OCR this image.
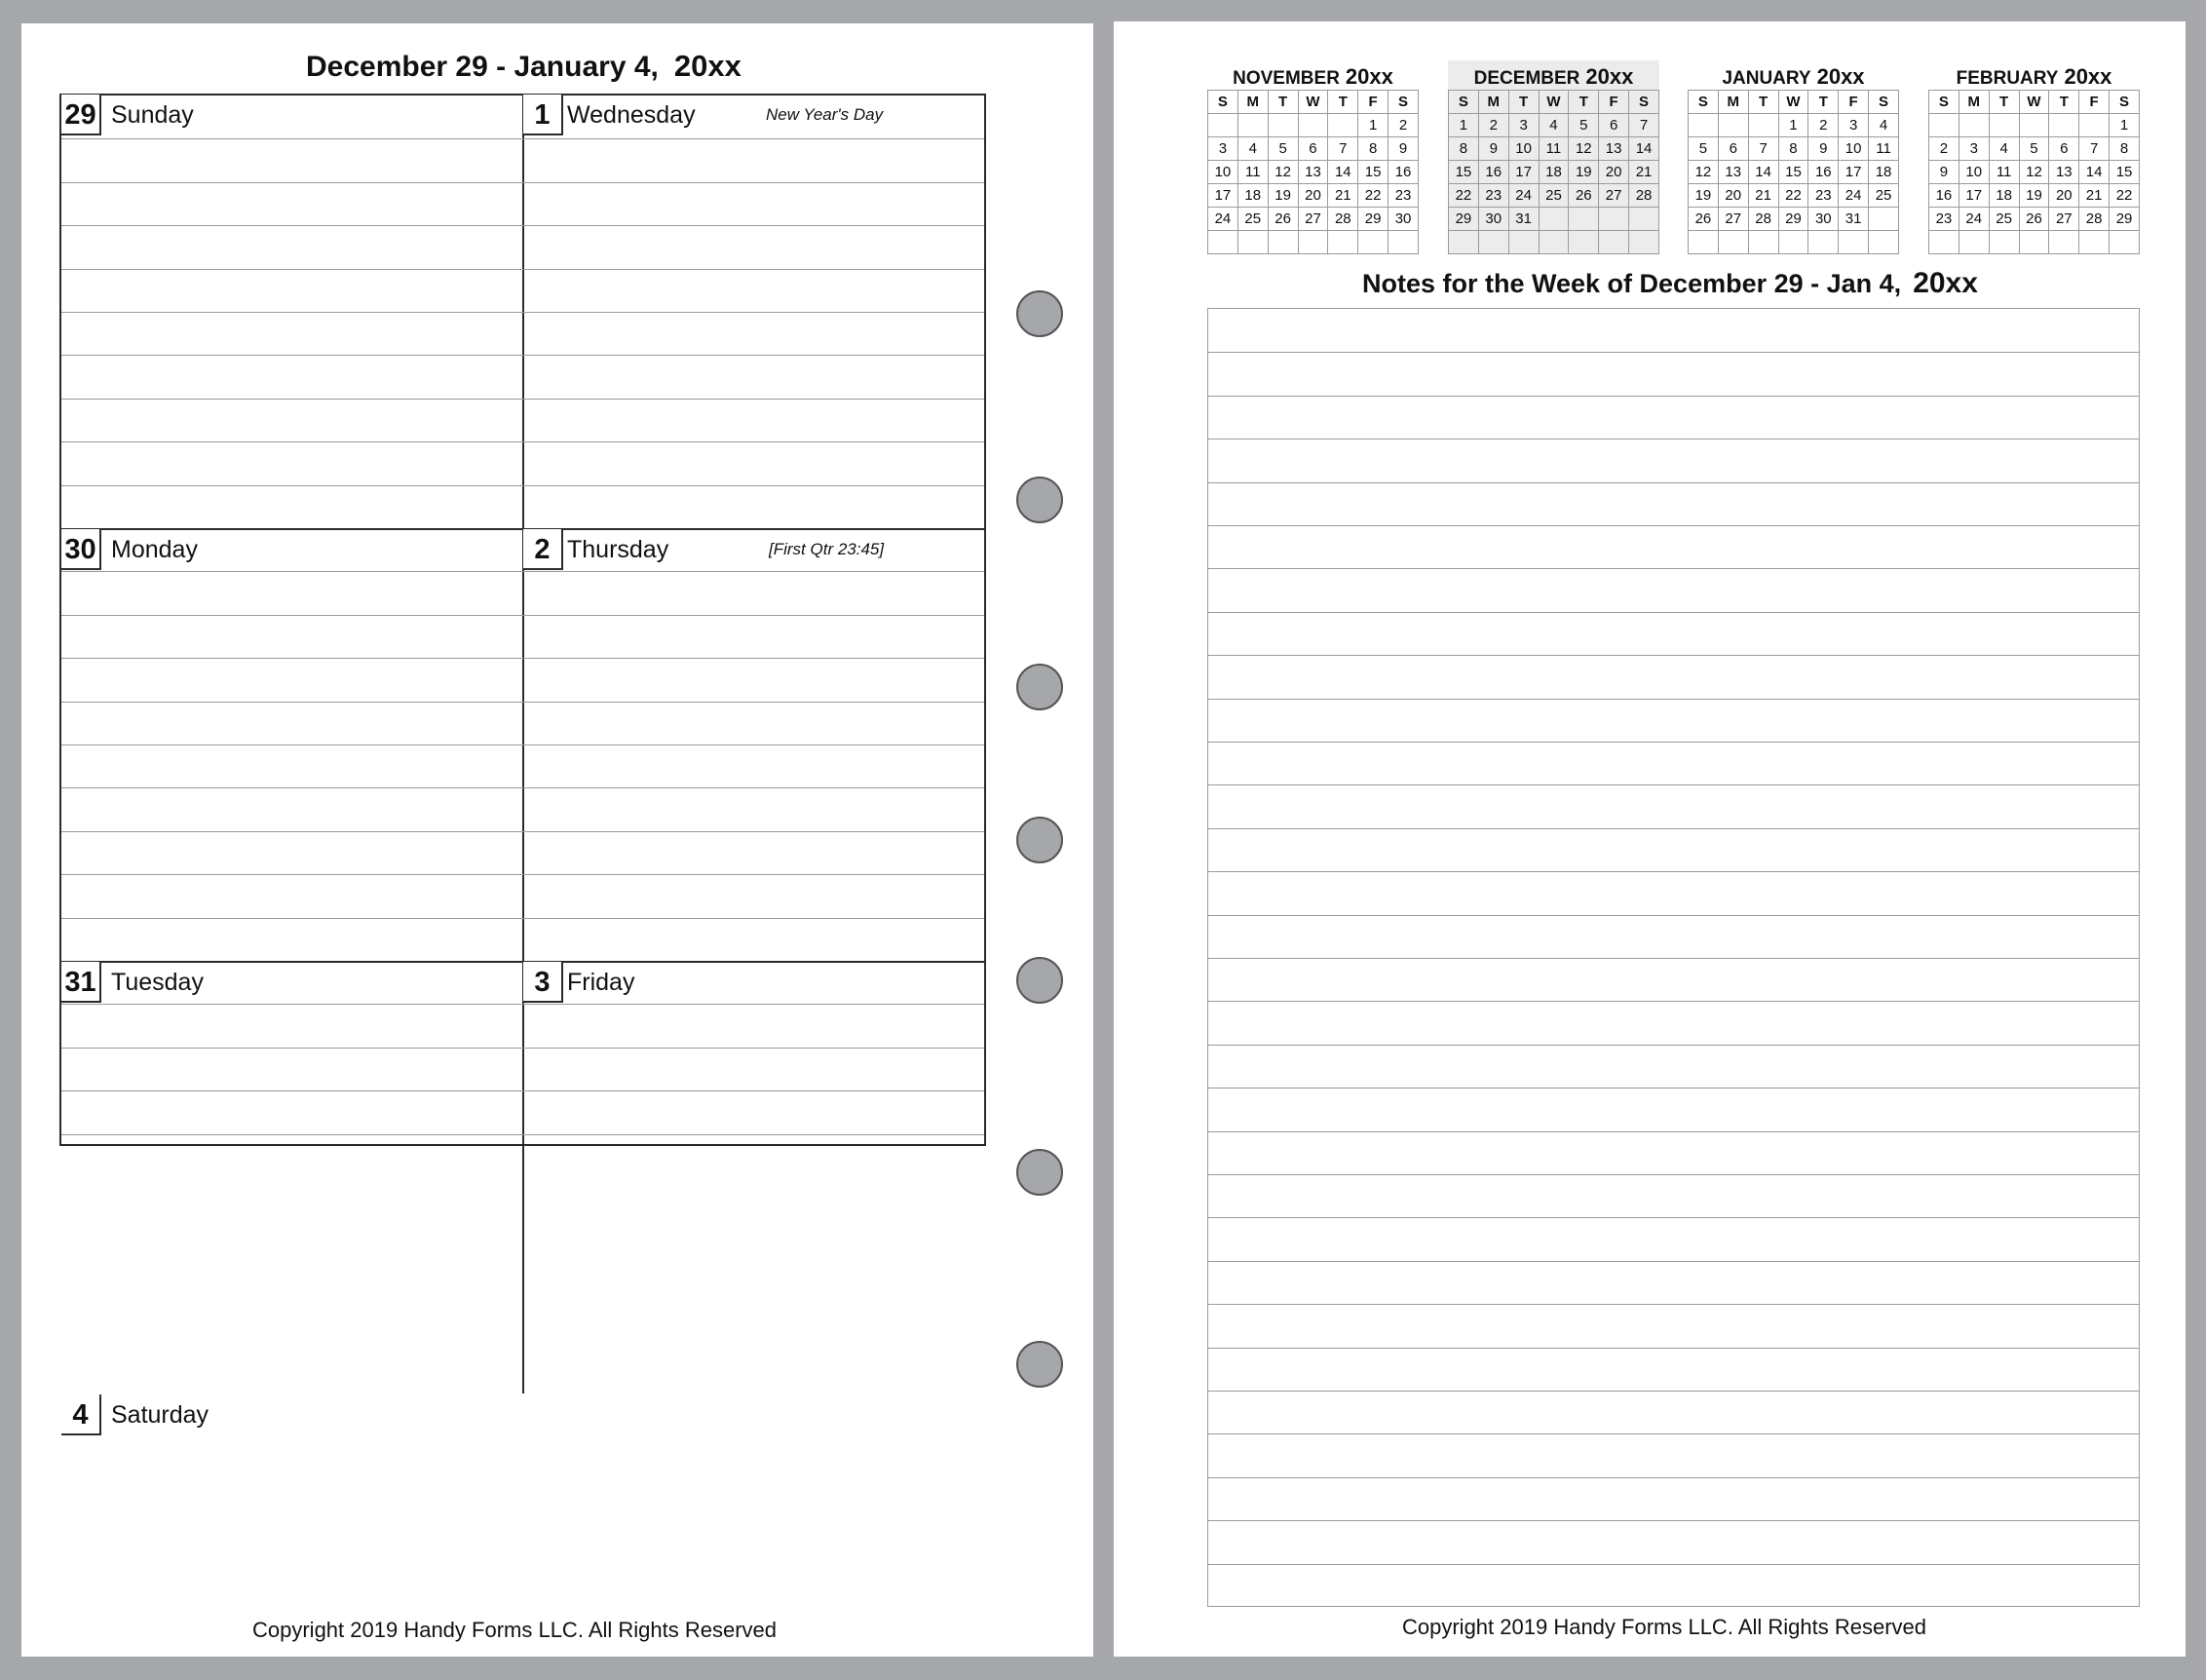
December 29 - January 4, 20xx
29 Sunday	1 Wednesday	New Year's Day
30 Monday	2 Thursday	[First Qtr 23:45]
31 Tuesday	3 Friday
4 Saturday
Copyright 2019 Handy Forms LLC. All Rights Reserved
NOVEMBER 20xx
S	M	T	W	T	F	S
					1	2
3	4	5	6	7	8	9
10	11	12	13	14	15	16
17	18	19	20	21	22	23
24	25	26	27	28	29	30

DECEMBER 20xx
S	M	T	W	T	F	S
1	2	3	4	5	6	7
8	9	10	11	12	13	14
15	16	17	18	19	20	21
22	23	24	25	26	27	28
29	30	31				

JANUARY 20xx
S	M	T	W	T	F	S
			1	2	3	4
5	6	7	8	9	10	11
12	13	14	15	16	17	18
19	20	21	22	23	24	25
26	27	28	29	30	31	

FEBRUARY 20xx
S	M	T	W	T	F	S
						1
2	3	4	5	6	7	8
9	10	11	12	13	14	15
16	17	18	19	20	21	22
23	24	25	26	27	28	29

Notes for the Week of December 29 - Jan 4, 20xx
Copyright 2019 Handy Forms LLC. All Rights Reserved
